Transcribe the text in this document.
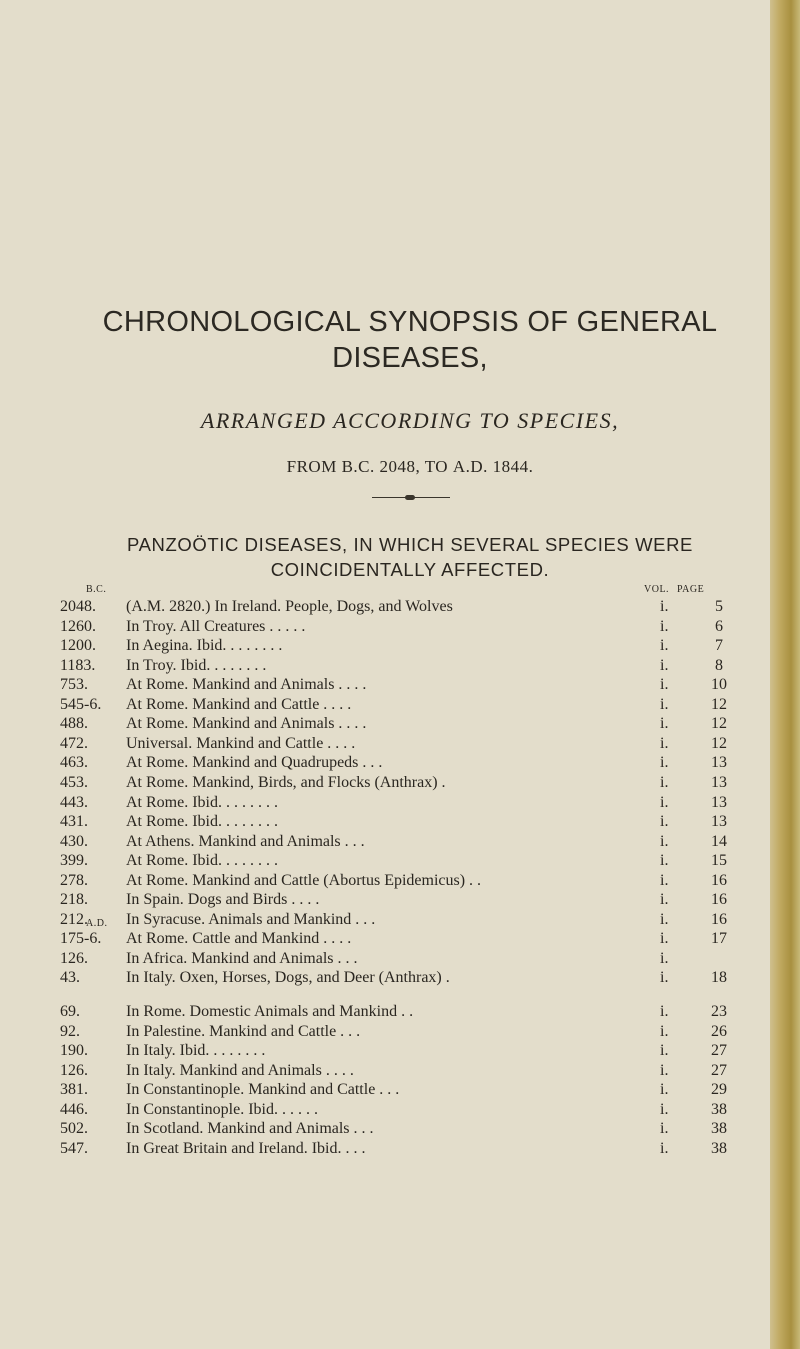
CHRONOLOGICAL SYNOPSIS OF GENERAL DISEASES,
ARRANGED ACCORDING TO SPECIES,
FROM B.C. 2048, TO A.D. 1844.
PANZOÖTIC DISEASES, IN WHICH SEVERAL SPECIES WERE COINCIDENTALLY AFFECTED.
B.C.
A.D.
VOL. PAGE
2048.	(A.M. 2820.) In Ireland. People, Dogs, and Wolves	i.	5
1260.	In Troy. All Creatures . . . . .	i.	6
1200.	In Aegina. Ibid. . . . . . . .	i.	7
1183.	In Troy. Ibid. . . . . . . .	i.	8
753.	At Rome. Mankind and Animals . . . .	i.	10
545-6.	At Rome. Mankind and Cattle . . . .	i.	12
488.	At Rome. Mankind and Animals . . . .	i.	12
472.	Universal. Mankind and Cattle . . . .	i.	12
463.	At Rome. Mankind and Quadrupeds . . .	i.	13
453.	At Rome. Mankind, Birds, and Flocks (Anthrax) .	i.	13
443.	At Rome. Ibid. . . . . . . .	i.	13
431.	At Rome. Ibid. . . . . . . .	i.	13
430.	At Athens. Mankind and Animals . . .	i.	14
399.	At Rome. Ibid. . . . . . . .	i.	15
278.	At Rome. Mankind and Cattle (Abortus Epidemicus) . .	i.	16
218.	In Spain. Dogs and Birds . . . .	i.	16
212.	In Syracuse. Animals and Mankind . . .	i.	16
175-6.	At Rome. Cattle and Mankind . . . .	i.	17
126.	In Africa. Mankind and Animals . . .	i.
43.	In Italy. Oxen, Horses, Dogs, and Deer (Anthrax) .	i.	18
69.	In Rome. Domestic Animals and Mankind . .	i.	23
92.	In Palestine. Mankind and Cattle . . .	i.	26
190.	In Italy. Ibid. . . . . . . .	i.	27
126.	In Italy. Mankind and Animals . . . .	i.	27
381.	In Constantinople. Mankind and Cattle . . .	i.	29
446.	In Constantinople. Ibid. . . . . .	i.	38
502.	In Scotland. Mankind and Animals . . .	i.	38
547.	In Great Britain and Ireland. Ibid. . . .	i.	38
